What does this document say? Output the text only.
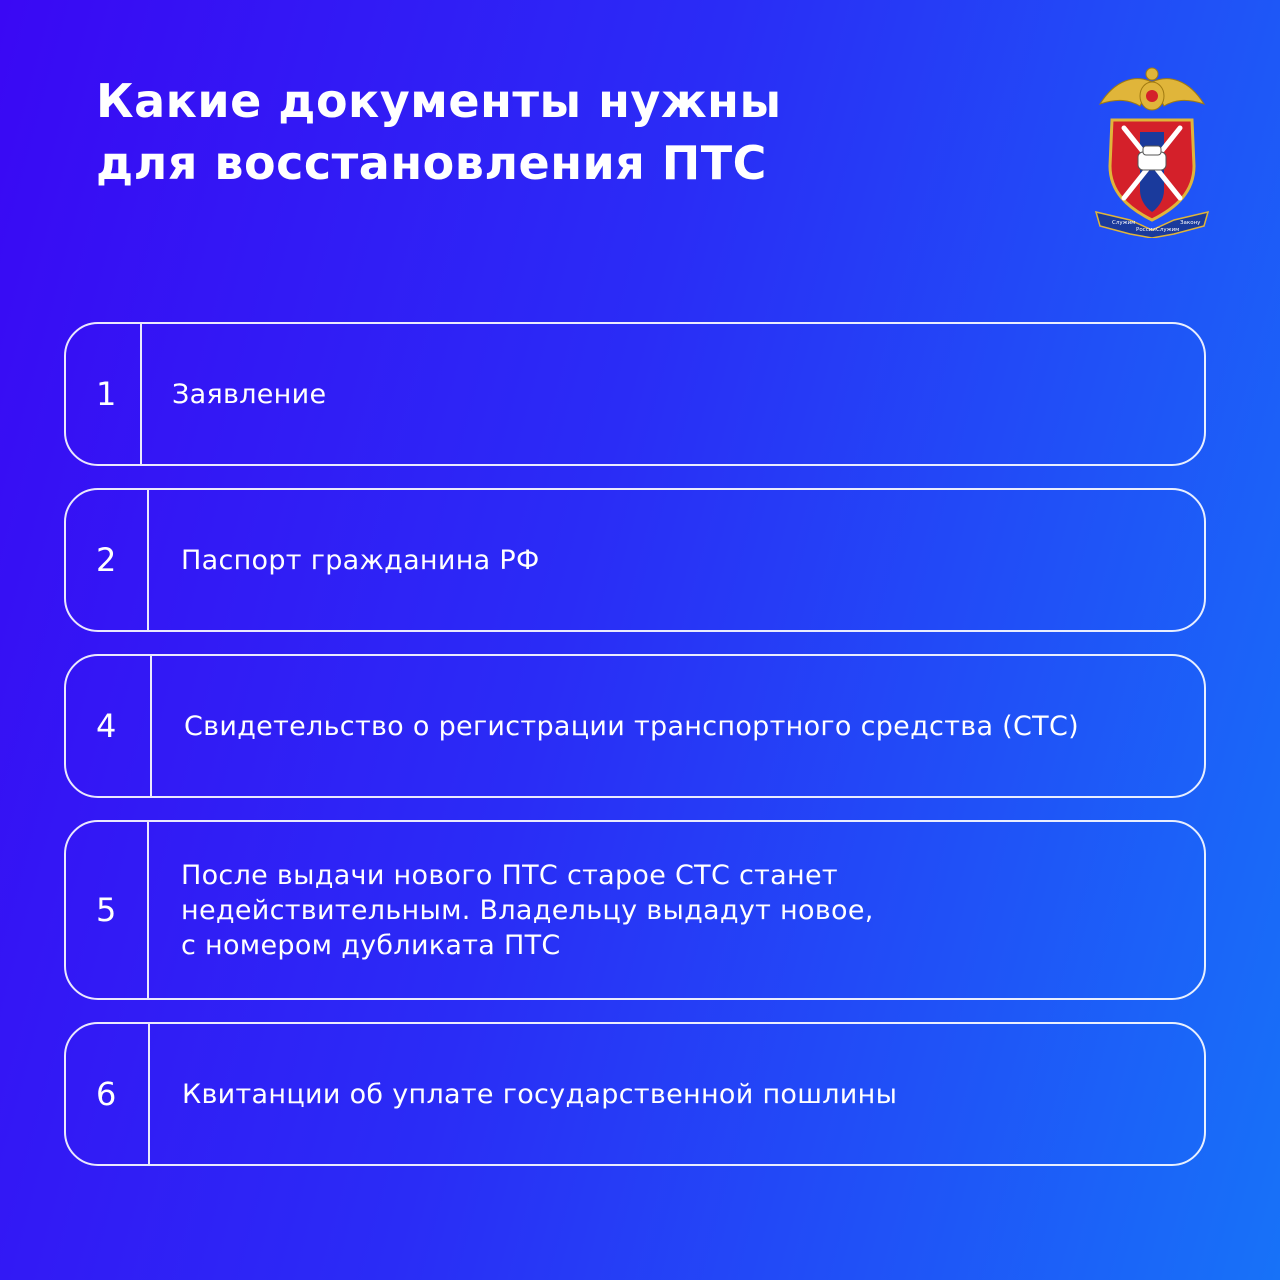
Какие документы нужны
для восстановления ПТС
Служим
России Служим
Закону
1	Заявление
2	Паспорт гражданина РФ
4	Свидетельство о регистрации транспортного средства (СТС)
5
После выдачи нового ПТС старое СТС станет
недействительным. Владельцу выдадут новое,
с номером дубликата ПТС
6	Квитанции об уплате государственной пошлины
